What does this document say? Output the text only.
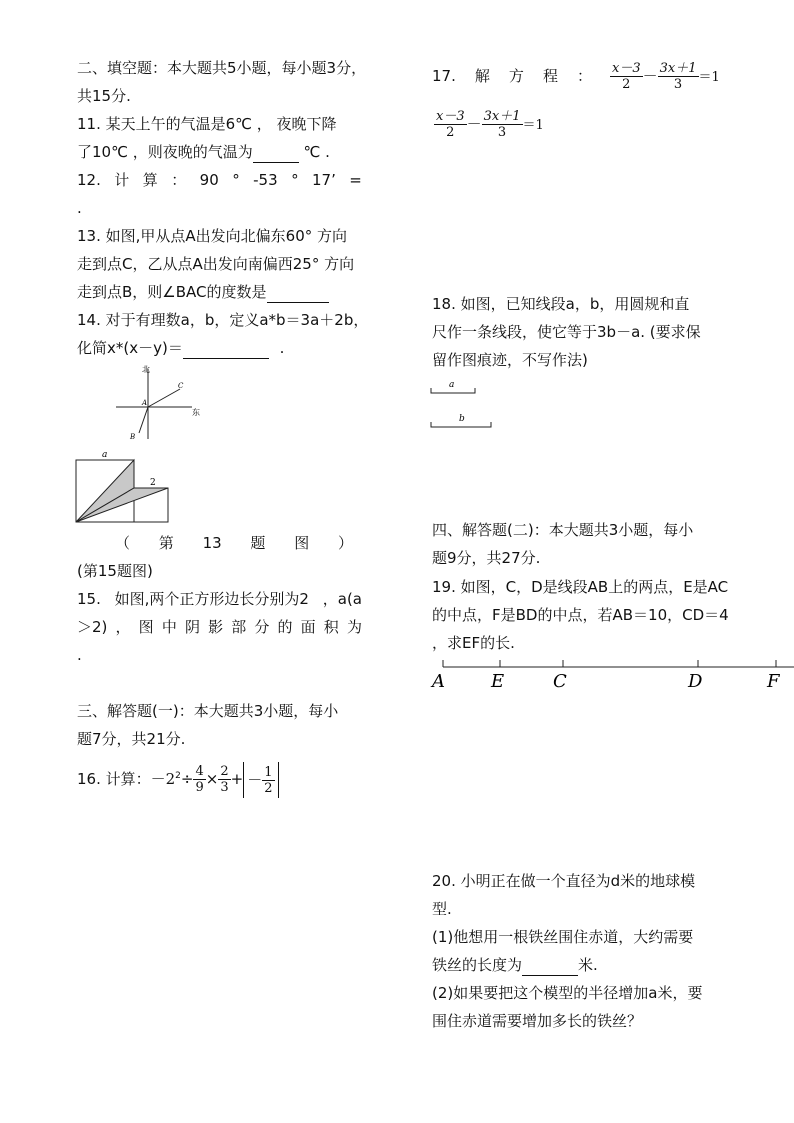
二、填空题：本大题共5小题，每小题3分，
共15分.
11. 某天上午的气温是6℃ ， 夜晚下降
了10℃ ，则夜晚的气温为	℃ .
12. 计 算 ： 90 ° -53 ° 17’ =
.
13. 如图,甲从点A出发向北偏东60° 方向
走到点C，乙从点A出发向南偏西25° 方向
走到点B，则∠BAC的度数是
14. 对于有理数a，b，定义a*b＝3a＋2b，
化简x*(x－y)＝	.
北
东
A
C
B
a
2
（ 第 13 题 图 ）
(第15题图)
15. 如图,两个正方形边长分别为2 ，a(a
＞2) ， 图 中 阴 影 部 分 的 面 积 为
.
三、解答题(一)：本大题共3小题，每小
题7分，共21分.
16. 计算：$-2^2\div \frac{4}{9} \times \frac{2}{3}$ + － $\frac{1}{2}$
17. 解 方 程 ： $\frac{x-3}{2} - \frac{3x+1}{3} =1$
$\frac{x-3}{2} - \frac{3x+1}{3} =1$
18. 如图，已知线段a，b，用圆规和直
尺作一条线段，使它等于3b－a. (要求保
留作图痕迹，不写作法)
四、解答题(二)：本大题共3小题，每小
题9分，共27分.
19. 如图，C，D是线段AB上的两点，E是AC
的中点，F是BD的中点，若AB＝10，CD＝4
，求EF的长.
20. 小明正在做一个直径为d米的地球模
型.
(1)他想用一根铁丝围住赤道，大约需要
铁丝的长度为	米.
(2)如果要把这个模型的半径增加a米，要
围住赤道需要增加多长的铁丝？
a
b
A	E	C	D	F
